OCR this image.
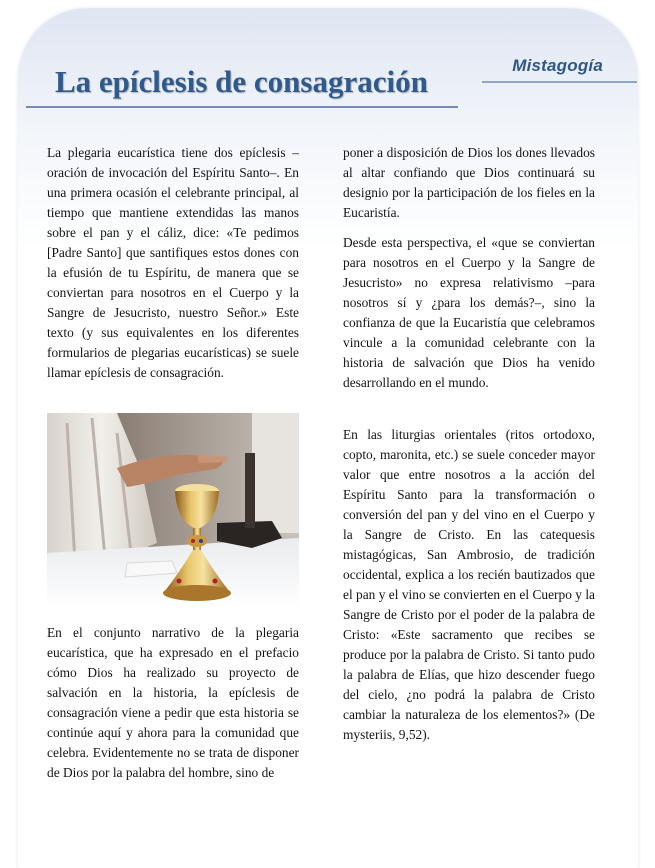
Mistagogía
La epíclesis de consagración

La plegaria eucarística tiene dos epíclesis –oración de invocación del Espíritu Santo–. En una primera ocasión el celebrante principal, al tiempo que mantiene extendidas las manos sobre el pan y el cáliz, dice: «Te pedimos [Padre Santo] que santifiques estos dones con la efusión de tu Espíritu, de manera que se conviertan para nosotros en el Cuerpo y la Sangre de Jesucristo, nuestro Señor.» Este texto (y sus equivalentes en los diferentes formularios de plegarias eucarísticas) se suele llamar epíclesis de consagración.

En el conjunto narrativo de la plegaria eucarística, que ha expresado en el prefacio cómo Dios ha realizado su proyecto de salvación en la historia, la epíclesis de consagración viene a pedir que esta historia se continúe aquí y ahora para la comunidad que celebra. Evidentemente no se trata de disponer de Dios por la palabra del hombre, sino de

poner a disposición de Dios los dones llevados al altar confiando que Dios continuará su designio por la participación de los fieles en la Eucaristía.

Desde esta perspectiva, el «que se conviertan para nosotros en el Cuerpo y la Sangre de Jesucristo» no expresa relativismo –para nosotros sí y ¿para los demás?–, sino la confianza de que la Eucaristía que celebramos vincule a la comunidad celebrante con la historia de salvación que Dios ha venido desarrollando en el mundo.

En las liturgias orientales (ritos ortodoxo, copto, maronita, etc.) se suele conceder mayor valor que entre nosotros a la acción del Espíritu Santo para la transformación o conversión del pan y del vino en el Cuerpo y la Sangre de Cristo. En las catequesis mistagógicas, San Ambrosio, de tradición occidental, explica a los recién bautizados que el pan y el vino se convierten en el Cuerpo y la Sangre de Cristo por el poder de la palabra de Cristo: «Este sacramento que recibes se produce por la palabra de Cristo. Si tanto pudo la palabra de Elías, que hizo descender fuego del cielo, ¿no podrá la palabra de Cristo cambiar la naturaleza de los elementos?» (De mysteriis, 9,52).
